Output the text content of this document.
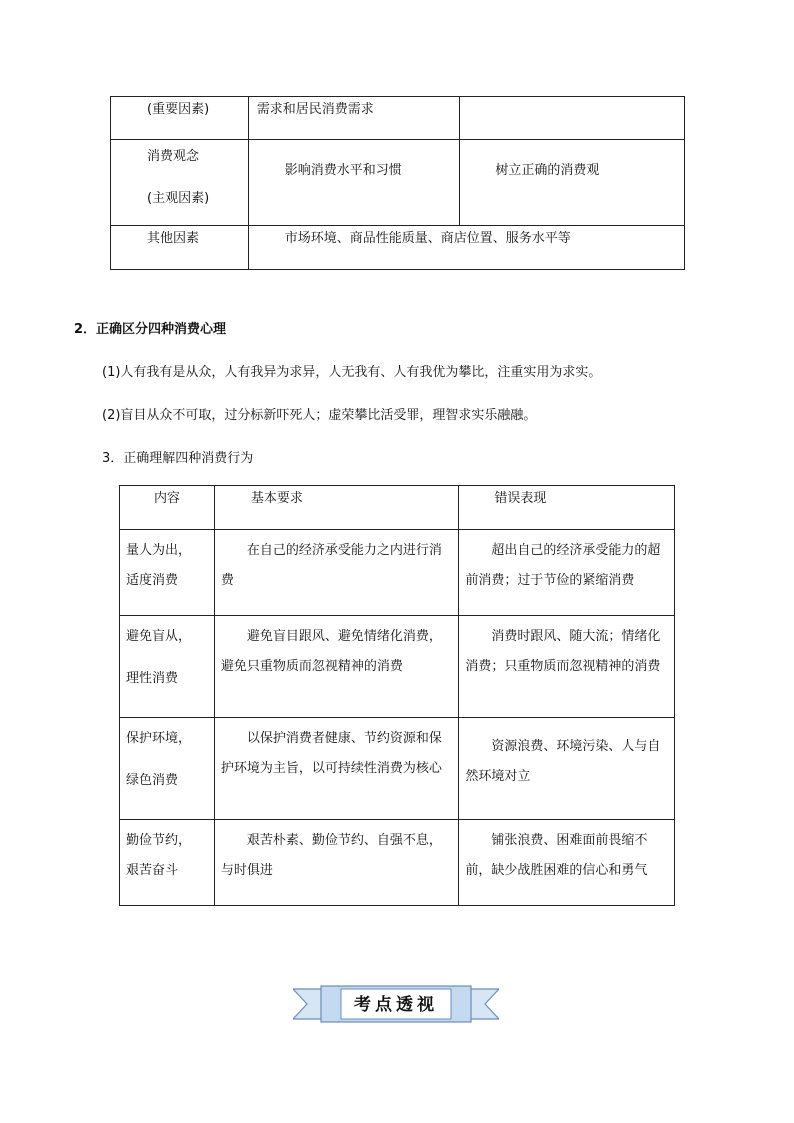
(重要因素)	需求和居民消费需求	

消费观念

(主观因素)	影响消费水平和习惯	树立正确的消费观

其他因素	市场环境、商品性能质量、商店位置、服务水平等	
2．正确区分四种消费心理
(1)人有我有是从众，人有我异为求异，人无我有、人有我优为攀比，注重实用为求实。
(2)盲目从众不可取，过分标新吓死人；虚荣攀比活受罪，理智求实乐融融。
3．正确理解四种消费行为
内容	基本要求	错误表现

量人为出，
适度消费	　　在自己的经济承受能力之内进行消费	　　超出自己的经济承受能力的超前消费；过于节俭的紧缩消费

避免盲从，
理性消费	　　避免盲目跟风、避免情绪化消费，避免只重物质而忽视精神的消费	　　消费时跟风、随大流；情绪化消费；只重物质而忽视精神的消费

保护环境，
绿色消费	　　以保护消费者健康、节约资源和保护环境为主旨，以可持续性消费为核心	　　资源浪费、环境污染、人与自然环境对立

勤俭节约，
艰苦奋斗	　　艰苦朴素、勤俭节约、自强不息，与时俱进	　　铺张浪费、困难面前畏缩不前，缺少战胜困难的信心和勇气
考点透视
